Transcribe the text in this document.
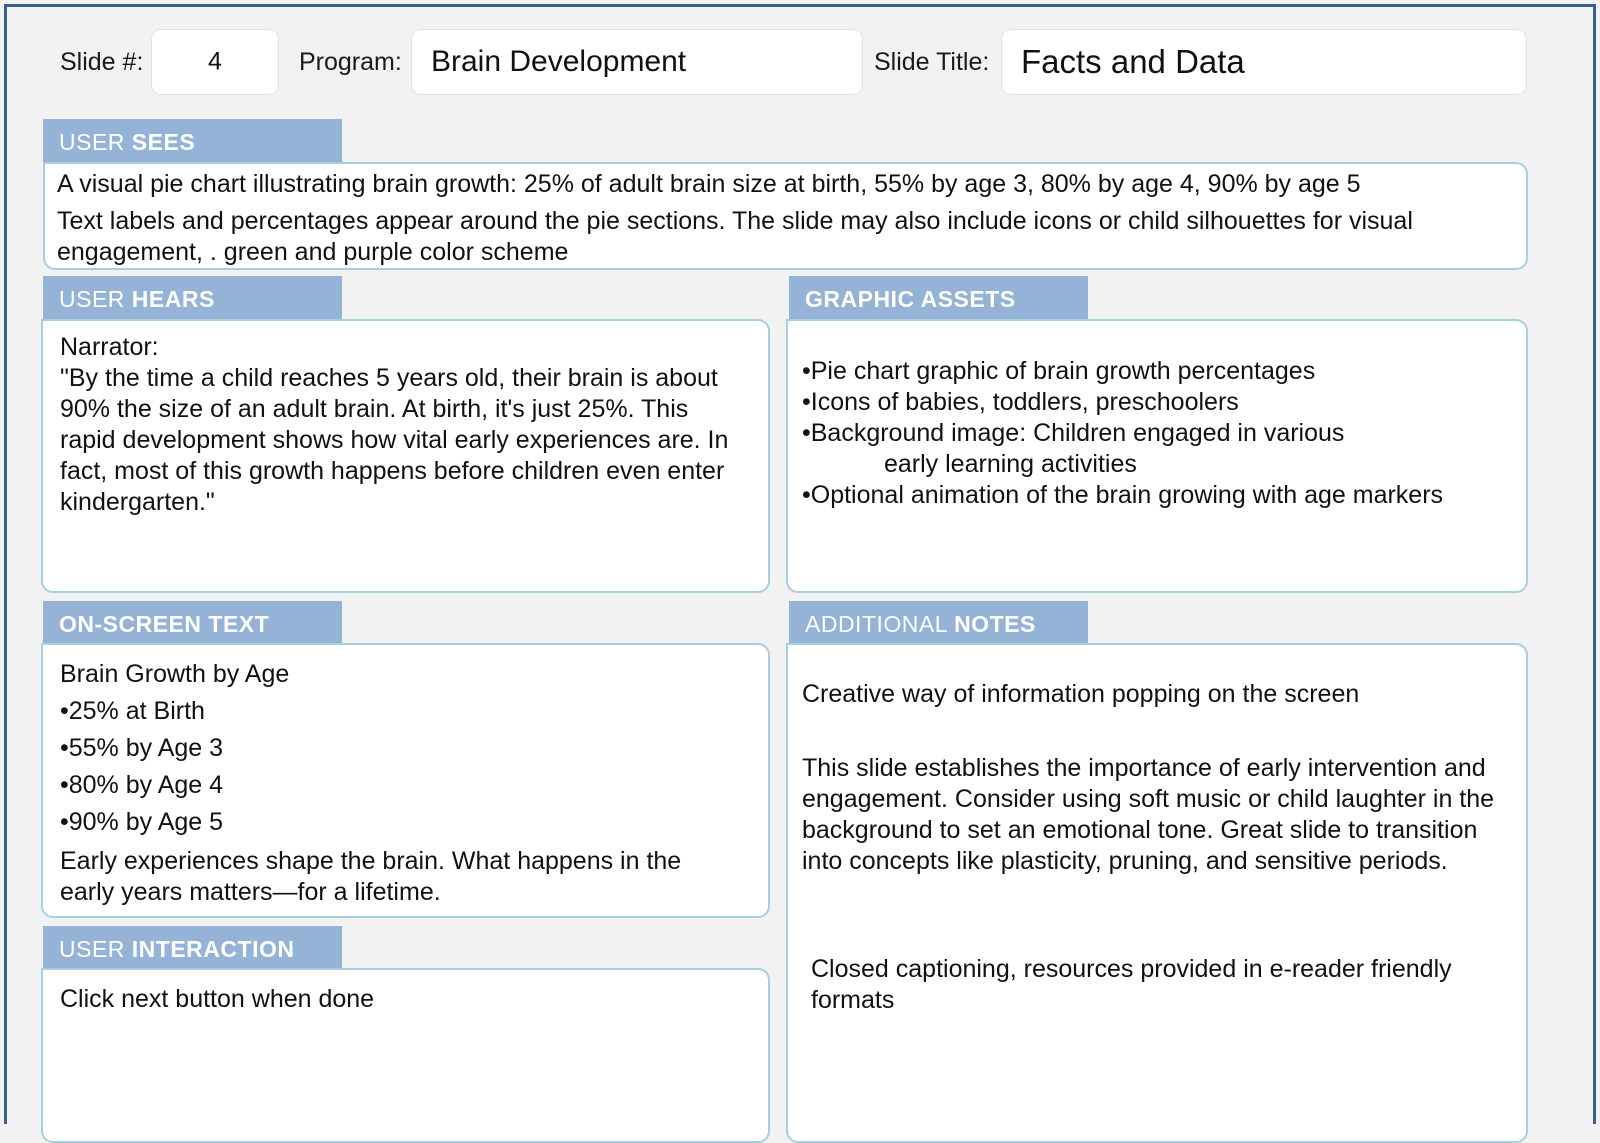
Slide #:	4	Program: Brain Development	Slide Title: Facts and Data
USER SEES

A visual pie chart illustrating brain growth: 25% of adult brain size at birth, 55% by age 3, 80% by age 4, 90% by age 5

Text labels and percentages appear around the pie sections. The slide may also include icons or child silhouettes for visual engagement, . green and purple color scheme

USER HEARS

Narrator:

"By the time a child reaches 5 years old, their brain is about 90% the size of an adult brain. At birth, it's just 25%. This rapid development shows how vital early experiences are. In fact, most of this growth happens before children even enter kindergarten."

GRAPHIC ASSETS
•Pie chart graphic of brain growth percentages
•Icons of babies, toddlers, preschoolers
•Background image: Children engaged in various
early learning activities
•Optional animation of the brain growing with age markers
ON-SCREEN TEXT

Brain Growth by Age

•25% at Birth

•55% by Age 3

•80% by Age 4

•90% by Age 5

Early experiences shape the brain. What happens in the early years matters—for a lifetime.

ADDITIONAL NOTES

Creative way of information popping on the screen

This slide establishes the importance of early intervention and engagement. Consider using soft music or child laughter in the background to set an emotional tone. Great slide to transition into concepts like plasticity, pruning, and sensitive periods.

Closed captioning, resources provided in e-reader friendly formats

USER INTERACTION

Click next button when done
